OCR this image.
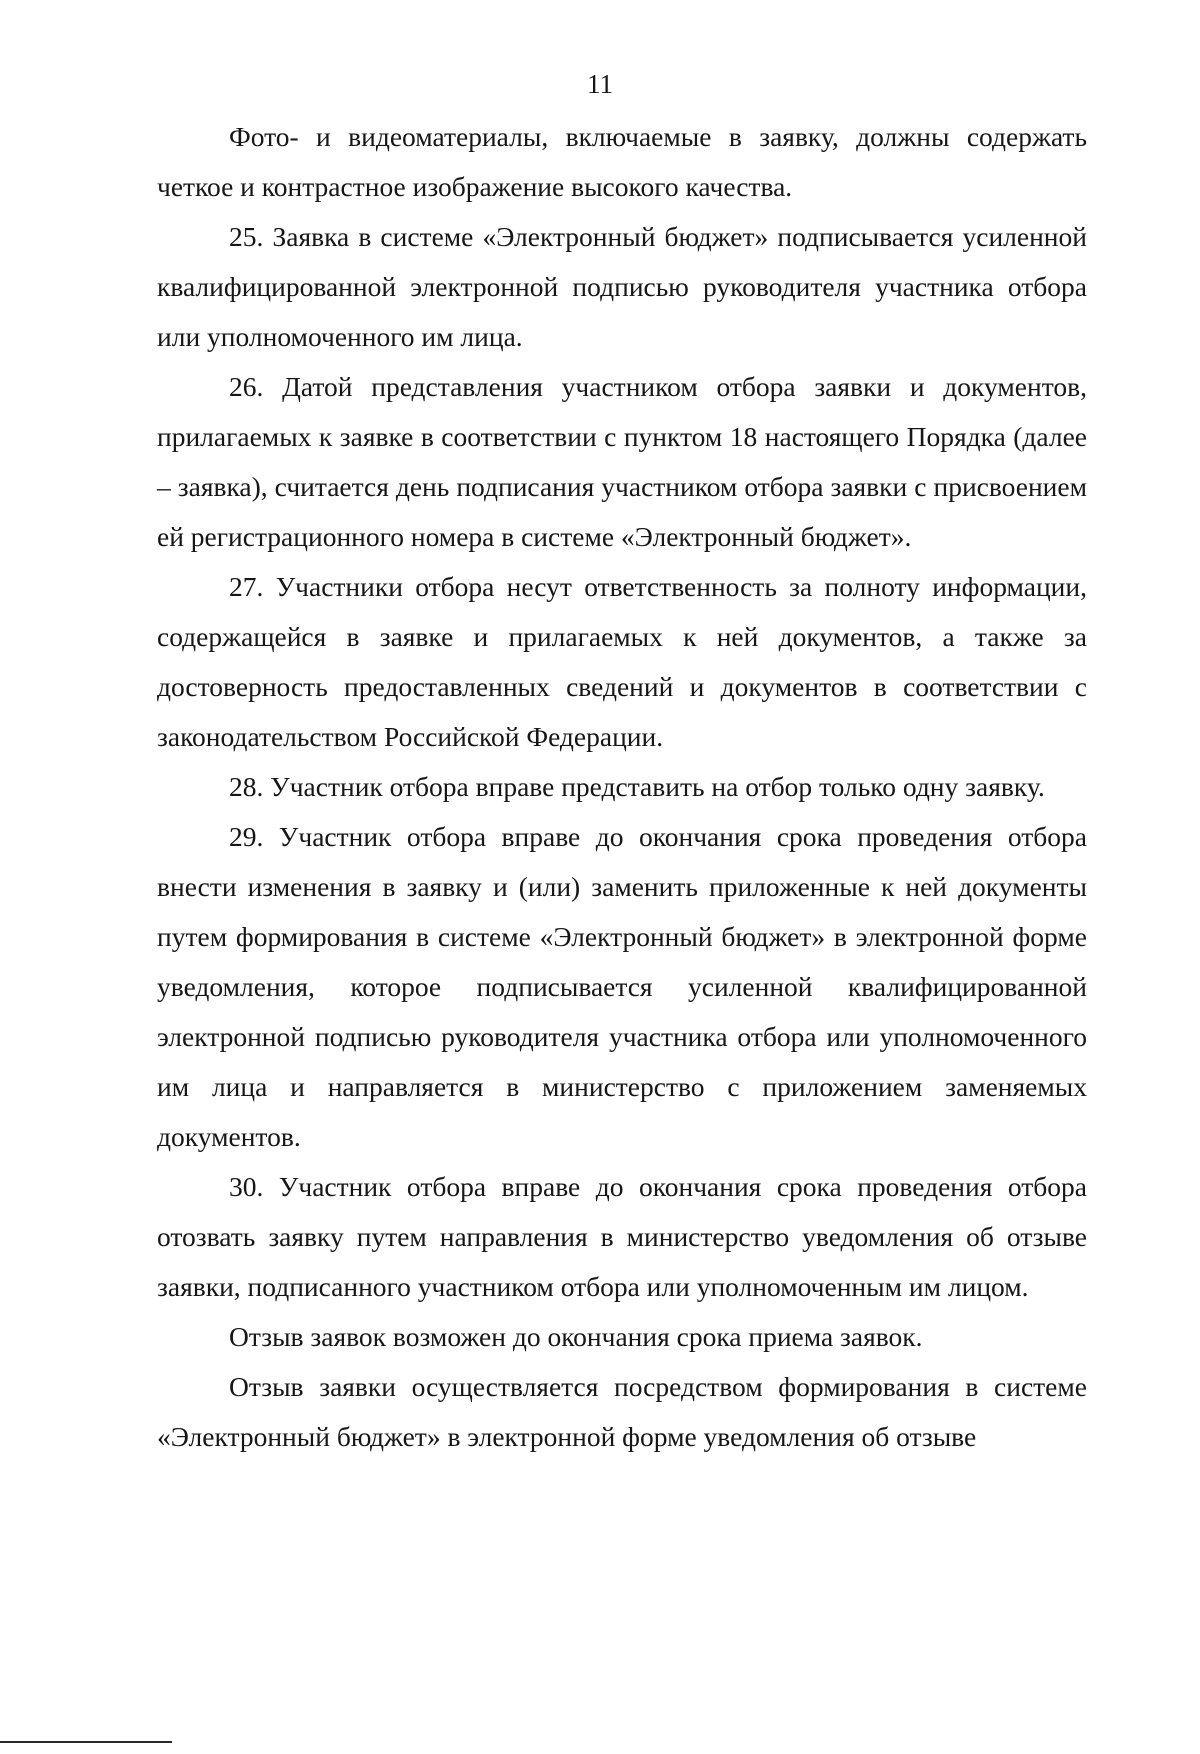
11

Фото- и видеоматериалы, включаемые в заявку, должны содержать четкое и контрастное изображение высокого качества.

25. Заявка в системе «Электронный бюджет» подписывается усиленной квалифицированной электронной подписью руководителя участника отбора или уполномоченного им лица.

26. Датой представления участником отбора заявки и документов, прилагаемых к заявке в соответствии с пунктом 18 настоящего Порядка (далее – заявка), считается день подписания участником отбора заявки с присвоением ей регистрационного номера в системе «Электронный бюджет».

27. Участники отбора несут ответственность за полноту информации, содержащейся в заявке и прилагаемых к ней документов, а также за достоверность предоставленных сведений и документов в соответствии с законодательством Российской Федерации.

28. Участник отбора вправе представить на отбор только одну заявку.

29. Участник отбора вправе до окончания срока проведения отбора внести изменения в заявку и (или) заменить приложенные к ней документы путем формирования в системе «Электронный бюджет» в электронной форме уведомления, которое подписывается усиленной квалифицированной электронной подписью руководителя участника отбора или уполномоченного им лица и направляется в министерство с приложением заменяемых документов.

30. Участник отбора вправе до окончания срока проведения отбора отозвать заявку путем направления в министерство уведомления об отзыве заявки, подписанного участником отбора или уполномоченным им лицом.

Отзыв заявок возможен до окончания срока приема заявок.

Отзыв заявки осуществляется посредством формирования в системе «Электронный бюджет» в электронной форме уведомления об отзыве
